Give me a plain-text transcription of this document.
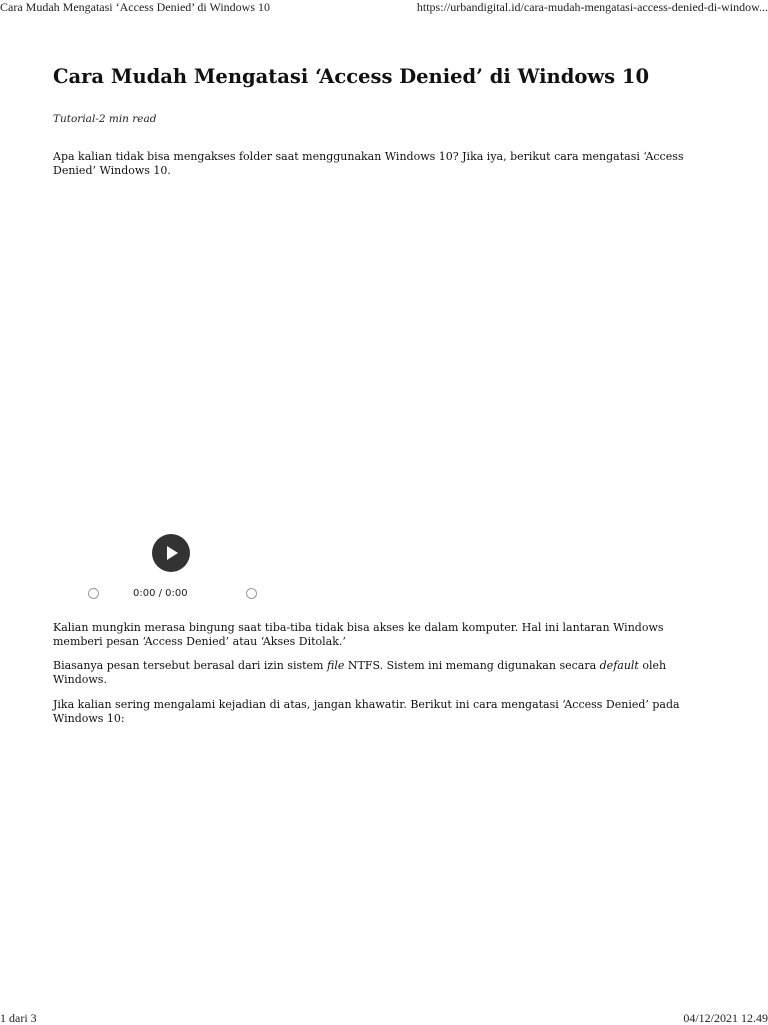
Cara Mudah Mengatasi ‘Access Denied’ di Windows 10	https://urbandigital.id/cara-mudah-mengatasi-access-denied-di-window...
Cara Mudah Mengatasi ‘Access Denied’ di Windows 10
Tutorial-2 min read

Apa kalian tidak bisa mengakses folder saat menggunakan Windows 10? Jika iya, berikut cara mengatasi ‘Access Denied’ Windows 10.

Kalian mungkin merasa bingung saat tiba-tiba tidak bisa akses ke dalam komputer. Hal ini lantaran Windows memberi pesan ‘Access Denied’ atau ‘Akses Ditolak.’

Biasanya pesan tersebut berasal dari izin sistem file NTFS. Sistem ini memang digunakan secara default oleh Windows.

Jika kalian sering mengalami kejadian di atas, jangan khawatir. Berikut ini cara mengatasi ‘Access Denied’ pada Windows 10:

0:00 / 0:00
1 dari 3	04/12/2021 12.49
